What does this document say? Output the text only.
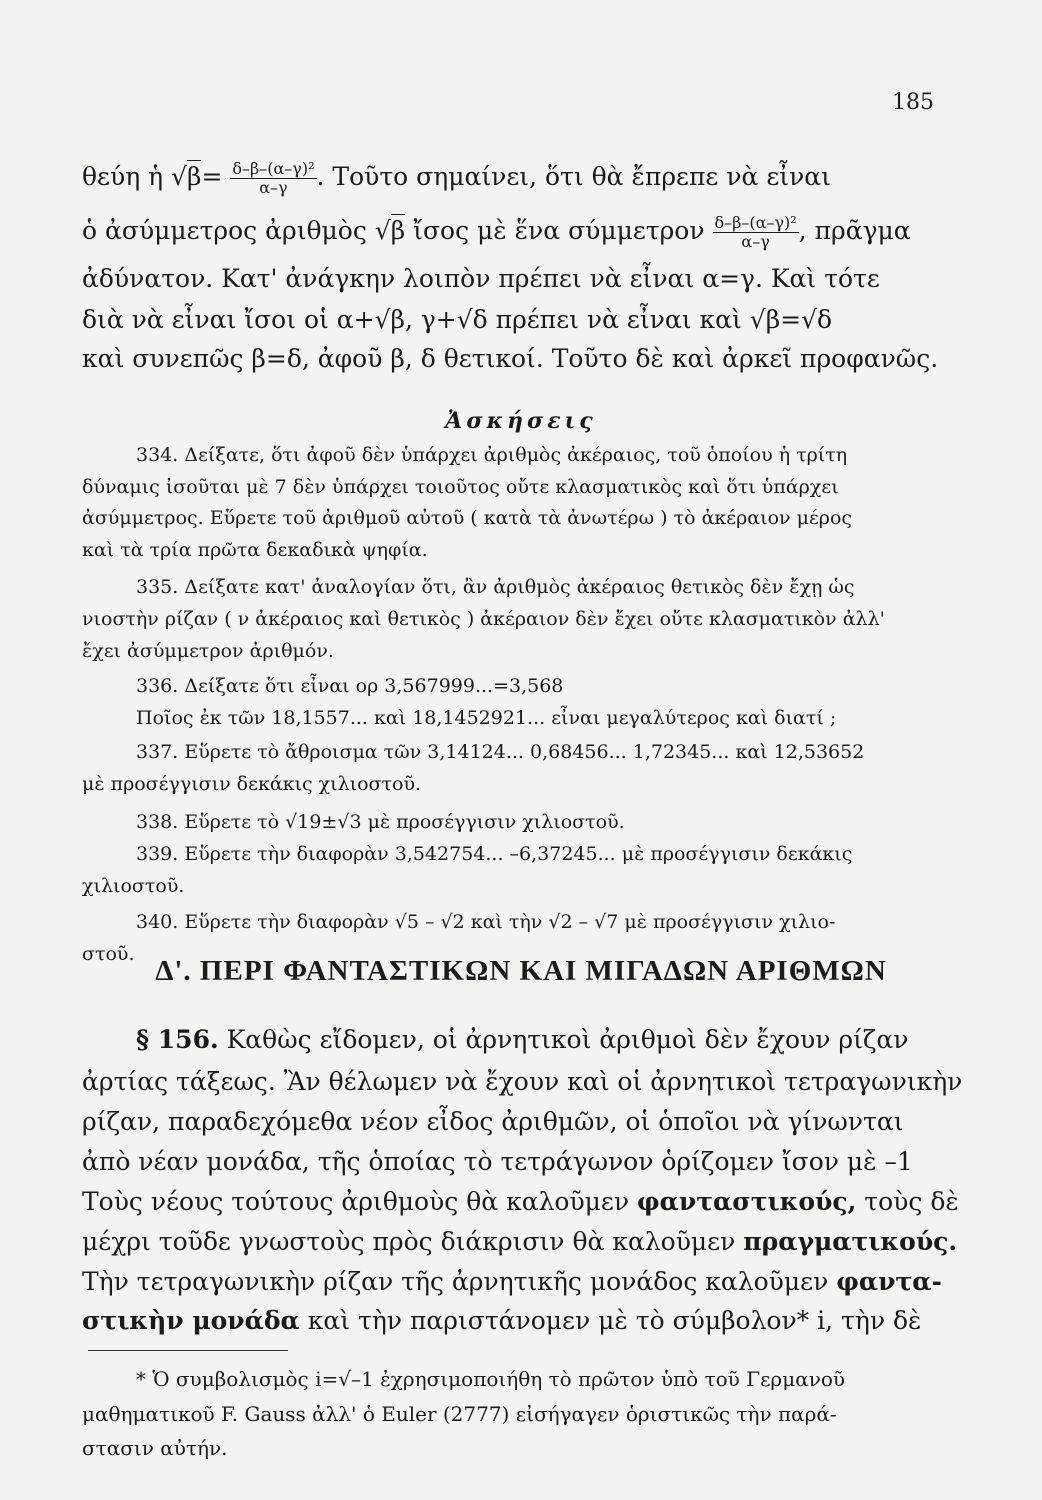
185
θεύη ἡ $√\beta= \frac{\text{δ–β–(α–γ)²}}{\alpha-\gamma}$ . Τοῦτο σημαίνει, ὅτι θὰ ἔπρεπε νὰ εἶναι
ὁ ἀσύμμετρος ἀριθμὸς √β ἴσος μὲ ἕνα σύμμετρον $\frac{\text{δ–β–(α–γ)²}}{\alpha-\gamma}$ , πρᾶγμα
ἀδύνατον. Κατ' ἀνάγκην λοιπὸν πρέπει νὰ εἶναι α=γ. Καὶ τότε
διὰ νὰ εἶναι ἴσοι οἱ α+√β, γ+√δ πρέπει νὰ εἶναι καὶ √β=√δ
καὶ συνεπῶς β=δ, ἀφοῦ β, δ θετικοί. Τοῦτο δὲ καὶ ἀρκεῖ προφανῶς.
Ἀσκήσεις
334. Δείξατε, ὅτι ἀφοῦ δὲν ὑπάρχει ἀριθμὸς ἀκέραιος, τοῦ ὁποίου ἡ τρίτη
δύναμις ἰσοῦται μὲ 7 δὲν ὑπάρχει τοιοῦτος οὔτε κλασματικὸς καὶ ὅτι ὑπάρχει
ἀσύμμετρος. Εὕρετε τοῦ ἀριθμοῦ αὐτοῦ ( κατὰ τὰ ἀνωτέρω ) τὸ ἀκέραιον μέρος
καὶ τὰ τρία πρῶτα δεκαδικὰ ψηφία.
335. Δείξατε κατ' ἀναλογίαν ὅτι, ἂν ἀριθμὸς ἀκέραιος θετικὸς δὲν ἔχῃ ὡς
νιοστὴν ρίζαν ( ν ἀκέραιος καὶ θετικὸς ) ἀκέραιον δὲν ἔχει οὔτε κλασματικὸν ἀλλ'
ἔχει ἀσύμμετρον ἀριθμόν.
336. Δείξατε ὅτι εἶναι ορ 3,567999...=3,568
Ποῖος ἐκ τῶν 18,1557... καὶ 18,1452921... εἶναι μεγαλύτερος καὶ διατί ;
337. Εὕρετε τὸ ἄθροισμα τῶν 3,14124... 0,68456... 1,72345... καὶ 12,53652
μὲ προσέγγισιν δεκάκις χιλιοστοῦ.
338. Εὕρετε τὸ √19±√3 μὲ προσέγγισιν χιλιοστοῦ.
339. Εὕρετε τὴν διαφορὰν 3,542754... –6,37245... μὲ προσέγγισιν δεκάκις
χιλιοστοῦ.
340. Εὕρετε τὴν διαφορὰν √5 – √2 καὶ τὴν √2 – √7 μὲ προσέγγισιν χιλιο-
στοῦ.
Δ'. ΠΕΡΙ ΦΑΝΤΑΣΤΙΚΩΝ ΚΑΙ ΜΙΓΑΔΩΝ ΑΡΙΘΜΩΝ
§ 156. Καθὼς εἴδομεν, οἱ ἀρνητικοὶ ἀριθμοὶ δὲν ἔχουν ρίζαν
ἀρτίας τάξεως. Ἂν θέλωμεν νὰ ἔχουν καὶ οἱ ἀρνητικοὶ τετραγωνικὴν
ρίζαν, παραδεχόμεθα νέον εἶδος ἀριθμῶν, οἱ ὁποῖοι νὰ γίνωνται
ἀπὸ νέαν μονάδα, τῆς ὁποίας τὸ τετράγωνον ὁρίζομεν ἴσον μὲ –1
Τοὺς νέους τούτους ἀριθμοὺς θὰ καλοῦμεν φανταστικούς, τοὺς δὲ
μέχρι τοῦδε γνωστοὺς πρὸς διάκρισιν θὰ καλοῦμεν πραγματικούς.
Τὴν τετραγωνικὴν ρίζαν τῆς ἀρνητικῆς μονάδος καλοῦμεν φαντα-
στικὴν μονάδα καὶ τὴν παριστάνομεν μὲ τὸ σύμβολον* i, τὴν δὲ
* Ὁ συμβολισμὸς i=√–1 ἐχρησιμοποιήθη τὸ πρῶτον ὑπὸ τοῦ Γερμανοῦ
μαθηματικοῦ F. Gauss ἀλλ' ὁ Euler (2777) εἰσήγαγεν ὁριστικῶς τὴν παρά-
στασιν αὐτήν.
